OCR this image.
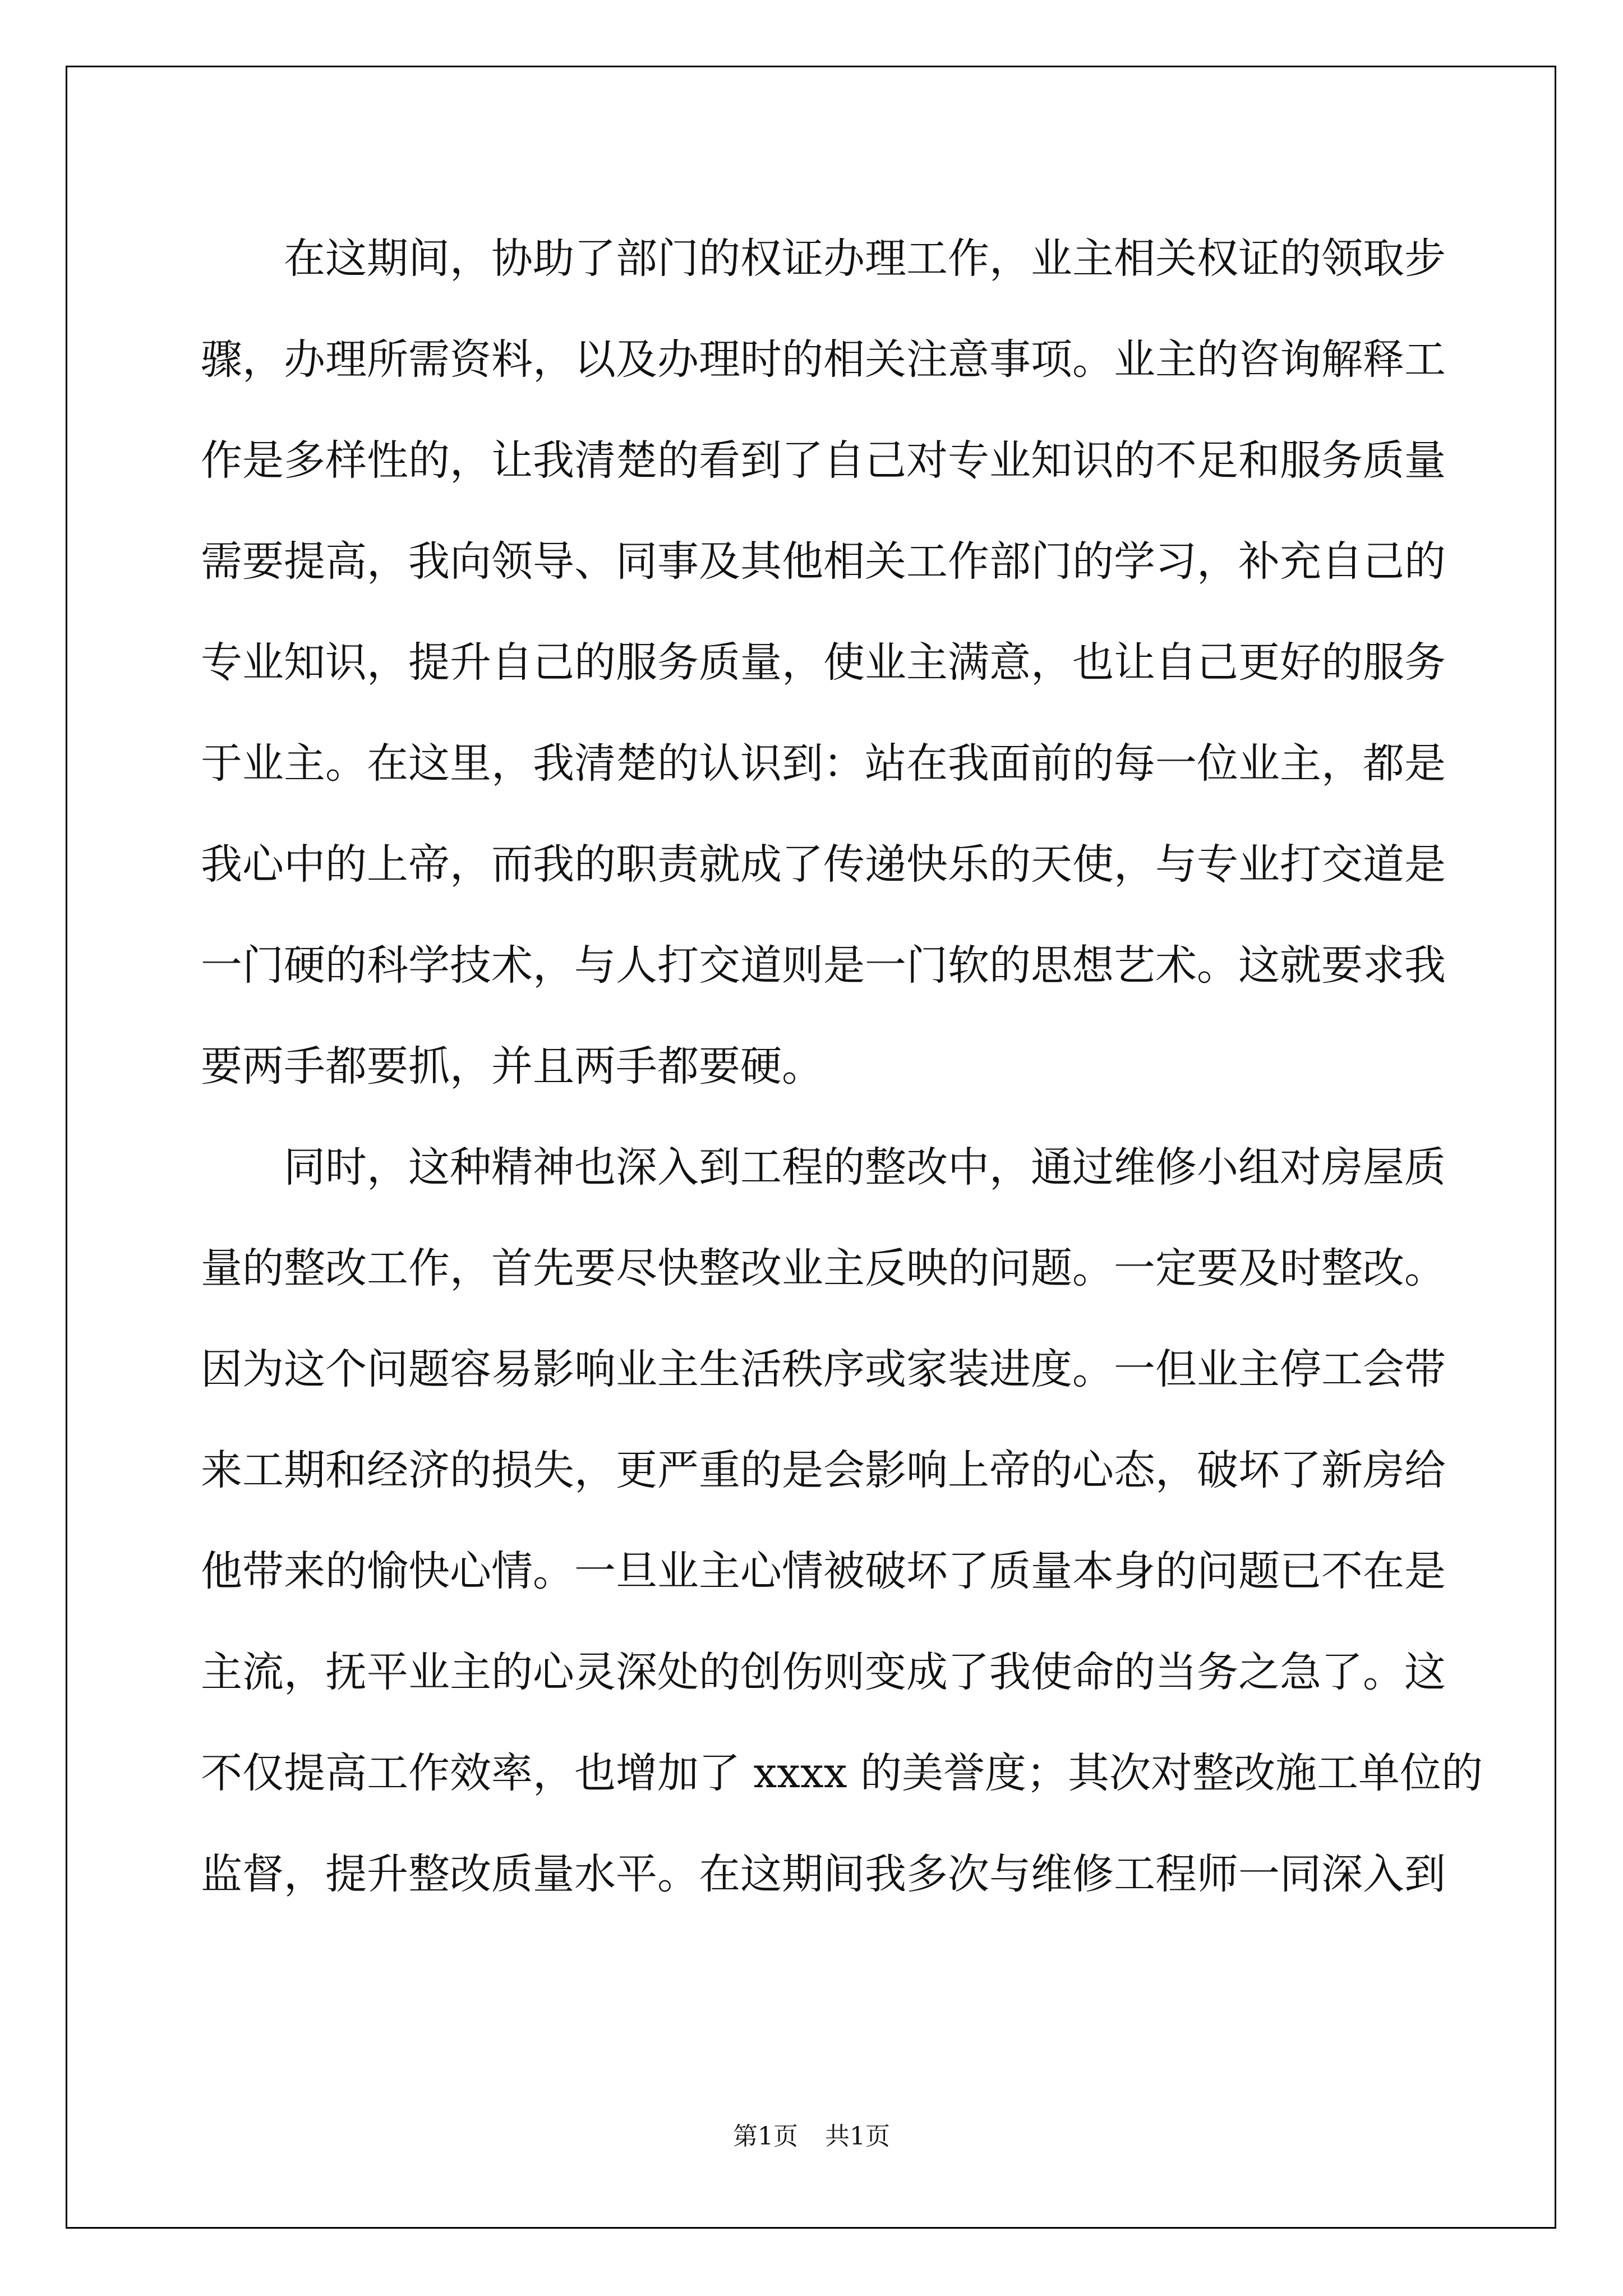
在这期间，协助了部门的权证办理工作，业主相关权证的领取步
骤，办理所需资料，以及办理时的相关注意事项。业主的咨询解释工
作是多样性的，让我清楚的看到了自己对专业知识的不足和服务质量
需要提高，我向领导、同事及其他相关工作部门的学习，补充自己的
专业知识，提升自己的服务质量，使业主满意，也让自己更好的服务
于业主。在这里，我清楚的认识到：站在我面前的每一位业主，都是
我心中的上帝，而我的职责就成了传递快乐的天使，与专业打交道是
一门硬的科学技术，与人打交道则是一门软的思想艺术。这就要求我
要两手都要抓，并且两手都要硬。
同时，这种精神也深入到工程的整改中，通过维修小组对房屋质
量的整改工作，首先要尽快整改业主反映的问题。一定要及时整改。
因为这个问题容易影响业主生活秩序或家装进度。一但业主停工会带
来工期和经济的损失，更严重的是会影响上帝的心态，破坏了新房给
他带来的愉快心情。一旦业主心情被破坏了质量本身的问题已不在是
主流，抚平业主的心灵深处的创伤则变成了我使命的当务之急了。这
不仅提高工作效率，也增加了 xxxx 的美誉度；其次对整改施工单位的
监督，提升整改质量水平。在这期间我多次与维修工程师一同深入到
第1页 共1页
